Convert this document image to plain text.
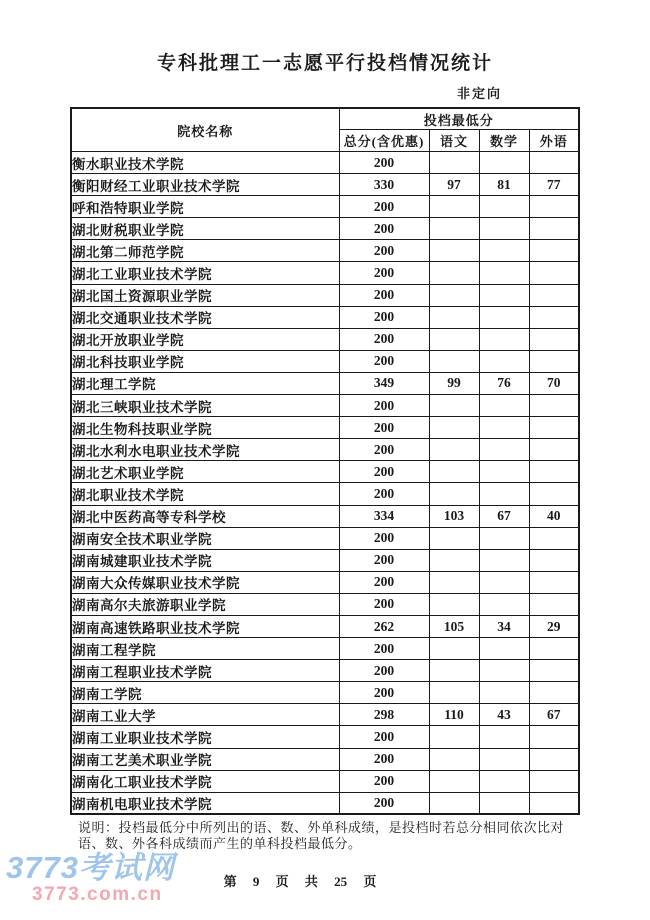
专科批理工一志愿平行投档情况统计
非定向
院校名称	投档最低分			
	总分(含优惠)	语文	数学	外语
衡水职业技术学院	200			
衡阳财经工业职业技术学院	330	97	81	77
呼和浩特职业学院	200			
湖北财税职业学院	200			
湖北第二师范学院	200			
湖北工业职业技术学院	200			
湖北国土资源职业学院	200			
湖北交通职业技术学院	200			
湖北开放职业学院	200			
湖北科技职业学院	200			
湖北理工学院	349	99	76	70
湖北三峡职业技术学院	200			
湖北生物科技职业学院	200			
湖北水利水电职业技术学院	200			
湖北艺术职业学院	200			
湖北职业技术学院	200			
湖北中医药高等专科学校	334	103	67	40
湖南安全技术职业学院	200			
湖南城建职业技术学院	200			
湖南大众传媒职业技术学院	200			
湖南高尔夫旅游职业学院	200			
湖南高速铁路职业技术学院	262	105	34	29
湖南工程学院	200			
湖南工程职业技术学院	200			
湖南工学院	200			
湖南工业大学	298	110	43	67
湖南工业职业技术学院	200			
湖南工艺美术职业学院	200			
湖南化工职业技术学院	200			
湖南机电职业技术学院	200			

说明：投档最低分中所列出的语、数、外单科成绩，是投档时若总分相同依次比对
语、数、外各科成绩而产生的单科投档最低分。

第 9 页 共 25 页
3773考试网
3773.com.cn
